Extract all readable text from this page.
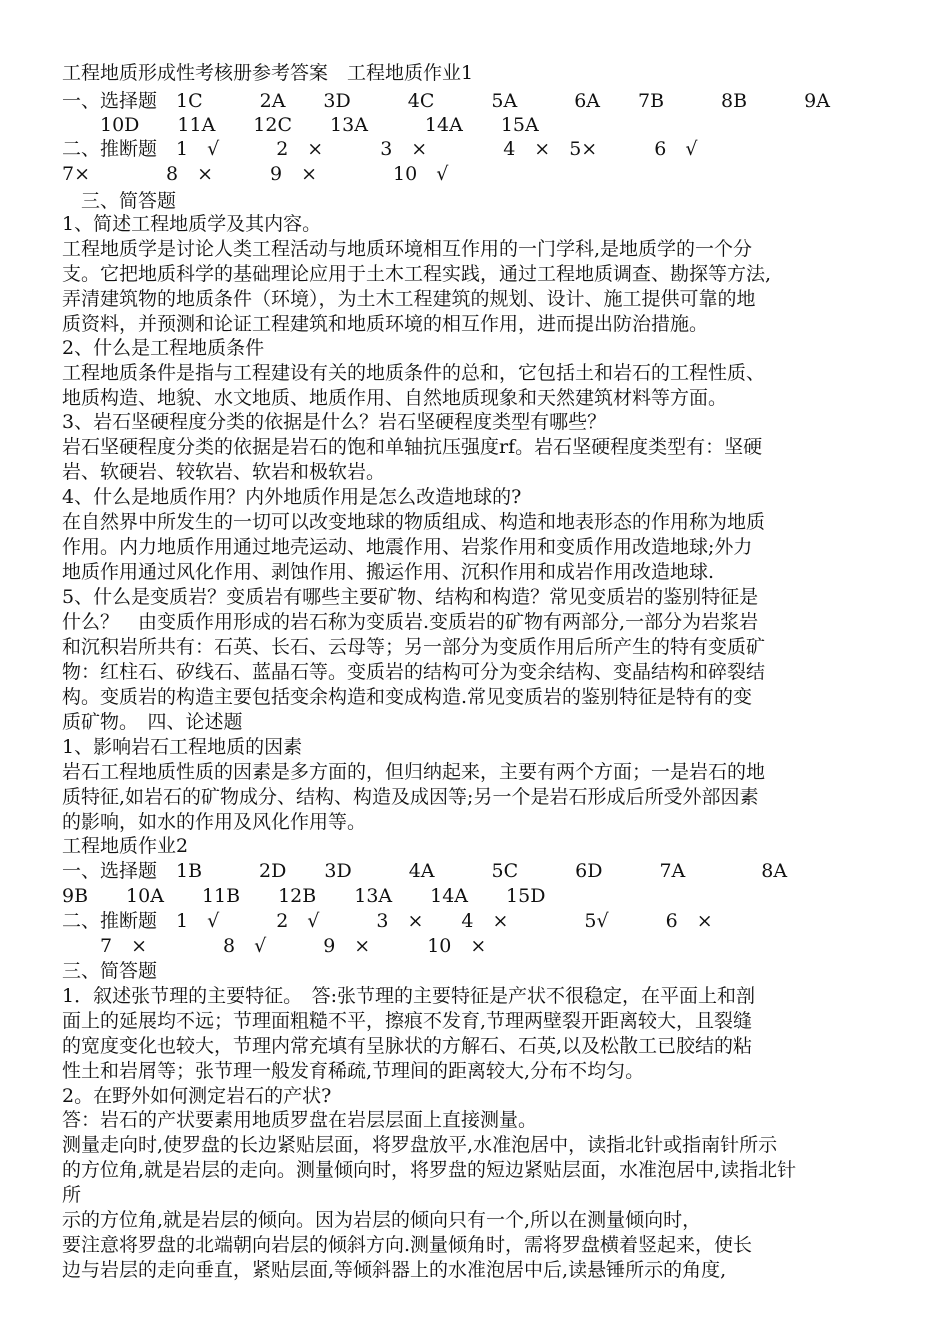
工程地质形成性考核册参考答案　工程地质作业1
一、选择题　1C　　　2A　　3D　　　4C　　　5A　　　6A　　7B　　　8B　　　9A
　　10D　　11A　　12C　　13A　　　14A　　15A
二、推断题　1　√　　　2　×　　　3　×　　　　4　×　5×　　　6　√
7×　　　　8　×　　　9　×　　　　10　√
　三、简答题
1、简述工程地质学及其内容。
工程地质学是讨论人类工程活动与地质环境相互作用的一门学科,是地质学的一个分
支。它把地质科学的基础理论应用于土木工程实践，通过工程地质调查、勘探等方法,
弄清建筑物的地质条件（环境），为土木工程建筑的规划、设计、施工提供可靠的地
质资料，并预测和论证工程建筑和地质环境的相互作用，进而提出防治措施。
2、什么是工程地质条件
工程地质条件是指与工程建设有关的地质条件的总和，它包括土和岩石的工程性质、
地质构造、地貌、水文地质、地质作用、自然地质现象和天然建筑材料等方面。
3、岩石坚硬程度分类的依据是什么？岩石坚硬程度类型有哪些？
岩石坚硬程度分类的依据是岩石的饱和单轴抗压强度rf。岩石坚硬程度类型有：坚硬
岩、软硬岩、较软岩、软岩和极软岩。
4、什么是地质作用？内外地质作用是怎么改造地球的?
在自然界中所发生的一切可以改变地球的物质组成、构造和地表形态的作用称为地质
作用。内力地质作用通过地壳运动、地震作用、岩浆作用和变质作用改造地球;外力
地质作用通过风化作用、剥蚀作用、搬运作用、沉积作用和成岩作用改造地球.
5、什么是变质岩？变质岩有哪些主要矿物、结构和构造？常见变质岩的鉴别特征是
什么？　由变质作用形成的岩石称为变质岩.变质岩的矿物有两部分,一部分为岩浆岩
和沉积岩所共有：石英、长石、云母等；另一部分为变质作用后所产生的特有变质矿
物：红柱石、矽线石、蓝晶石等。变质岩的结构可分为变余结构、变晶结构和碎裂结
构。变质岩的构造主要包括变余构造和变成构造.常见变质岩的鉴别特征是特有的变
质矿物。　四、论述题
1、影响岩石工程地质的因素
岩石工程地质性质的因素是多方面的，但归纳起来，主要有两个方面；一是岩石的地
质特征,如岩石的矿物成分、结构、构造及成因等;另一个是岩石形成后所受外部因素
的影响，如水的作用及风化作用等。
工程地质作业2
一、选择题　1B　　　2D　　3D　　　4A　　　5C　　　6D　　　7A　　　　8A
9B　　10A　　11B　　12B　　13A　　14A　　15D
二、推断题　1　√　　　2　√　　　3　×　　4　×　　　　5√　　　6　×
　　7　×　　　　8　√　　　9　×　　　10　×
三、简答题
1．叙述张节理的主要特征。　答:张节理的主要特征是产状不很稳定，在平面上和剖
面上的延展均不远；节理面粗糙不平，擦痕不发育,节理两壁裂开距离较大，且裂缝
的宽度变化也较大，节理内常充填有呈脉状的方解石、石英,以及松散工已胶结的粘
性土和岩屑等；张节理一般发育稀疏,节理间的距离较大,分布不均匀。
2。在野外如何测定岩石的产状?
答：岩石的产状要素用地质罗盘在岩层层面上直接测量。
测量走向时,使罗盘的长边紧贴层面，将罗盘放平,水准泡居中，读指北针或指南针所示
的方位角,就是岩层的走向。测量倾向时，将罗盘的短边紧贴层面，水准泡居中,读指北针
所
示的方位角,就是岩层的倾向。因为岩层的倾向只有一个,所以在测量倾向时，
要注意将罗盘的北端朝向岩层的倾斜方向.测量倾角时，需将罗盘横着竖起来，使长
边与岩层的走向垂直，紧贴层面,等倾斜器上的水准泡居中后,读悬锤所示的角度,
